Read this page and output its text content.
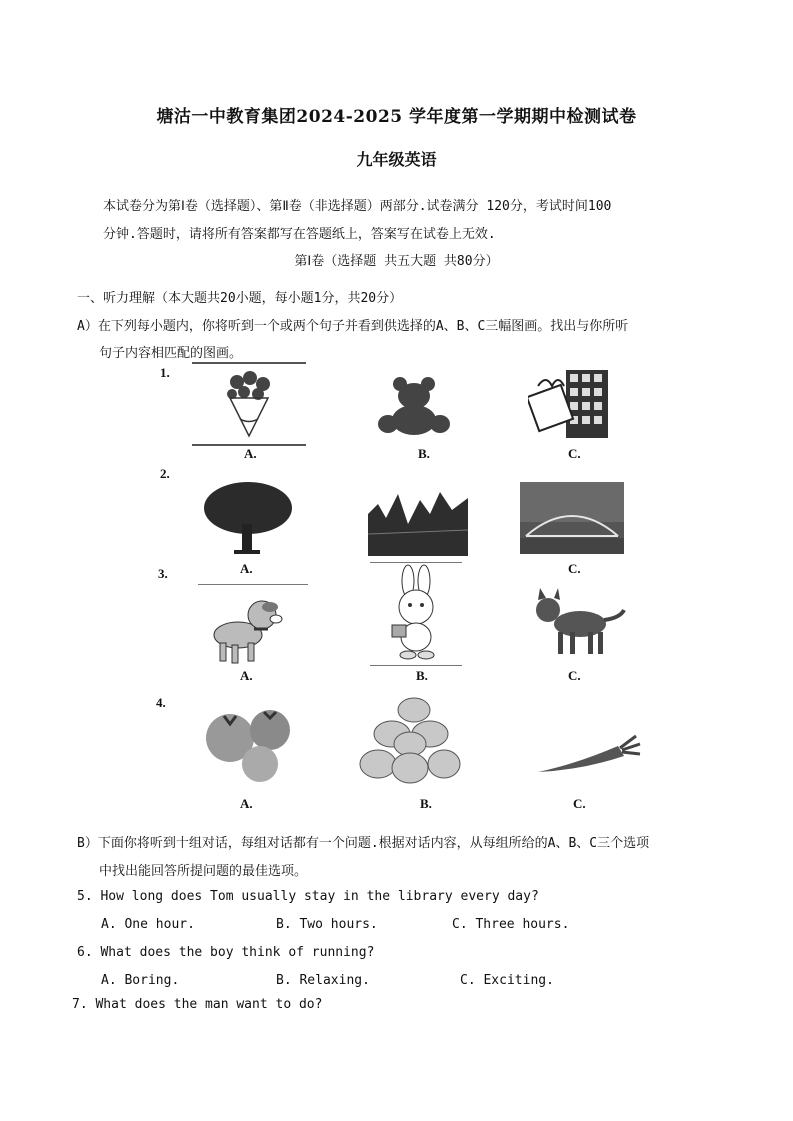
塘沽一中教育集团2024-2025 学年度第一学期期中检测试卷
九年级英语
本试卷分为第Ⅰ卷（选择题）、第Ⅱ卷（非选择题）两部分.试卷满分 120分，考试时间100
分钟.答题时，请将所有答案都写在答题纸上，答案写在试卷上无效.
第Ⅰ卷（选择题 共五大题 共80分）
一、听力理解（本大题共20小题，每小题1分，共20分）
A）在下列每小题内，你将听到一个或两个句子并看到供选择的A、B、C三幅图画。找出与你所听
句子内容相匹配的图画。
1.
A.	B.	C.
2.
A.	C.
3.
A.	B.	C.
4.
A.	B.	C.
B）下面你将听到十组对话，每组对话都有一个问题.根据对话内容，从每组所给的A、B、C三个选项
中找出能回答所提问题的最佳选项。
5. How long does Tom usually stay in the library every day?
A. One hour.	B. Two hours.	C. Three hours.
6. What does the boy think of running?
A. Boring.	B. Relaxing.	C. Exciting.
7. What does the man want to do?
